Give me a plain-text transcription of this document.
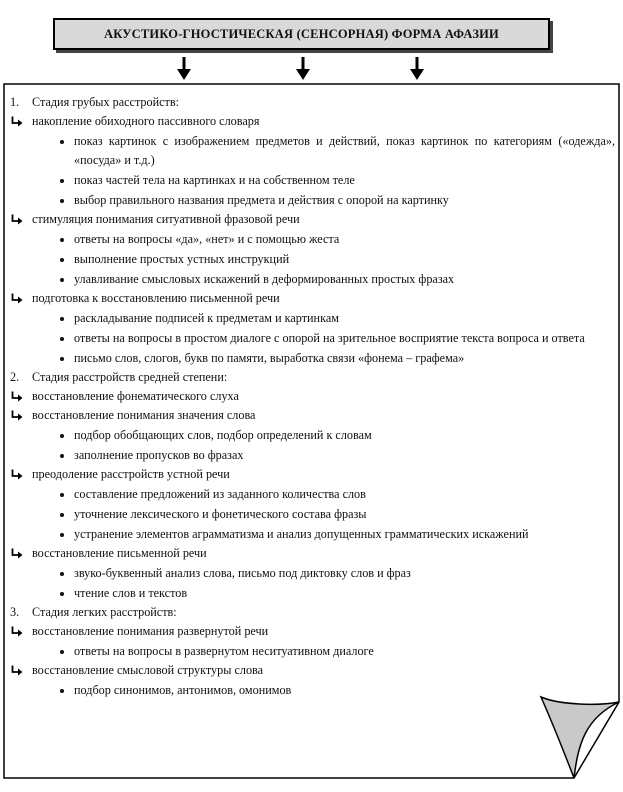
АКУСТИКО-ГНОСТИЧЕСКАЯ (СЕНСОРНАЯ) ФОРМА АФАЗИИ
1. Стадия грубых расстройств:
накопление обиходного пассивного словаря
показ картинок с изображением предметов и действий, показ картинок по категориям («одежда», «посуда» и т.д.)
показ частей тела на картинках и на собственном теле
выбор правильного названия предмета и действия с опорой на картинку
стимуляция понимания ситуативной фразовой речи
ответы на вопросы «да», «нет» и с помощью жеста
выполнение простых устных инструкций
улавливание смысловых искажений в деформированных простых фразах
подготовка к восстановлению письменной речи
раскладывание подписей к предметам и картинкам
ответы на вопросы в простом диалоге с опорой на зрительное восприятие текста вопроса и ответа
письмо слов, слогов, букв по памяти, выработка связи «фонема – графема»
2. Стадия расстройств средней степени:
восстановление фонематического слуха
восстановление понимания значения слова
подбор обобщающих слов, подбор определений к словам
заполнение пропусков во фразах
преодоление расстройств устной речи
составление предложений из заданного количества слов
уточнение лексического и фонетического состава фразы
устранение элементов аграмматизма и анализ допущенных грамматических искажений
восстановление письменной речи
звуко-буквенный анализ слова, письмо под диктовку слов и фраз
чтение слов и текстов
3. Стадия легких расстройств:
восстановление понимания развернутой речи
ответы на вопросы в развернутом неситуативном диалоге
восстановление смысловой структуры слова
подбор синонимов, антонимов, омонимов
